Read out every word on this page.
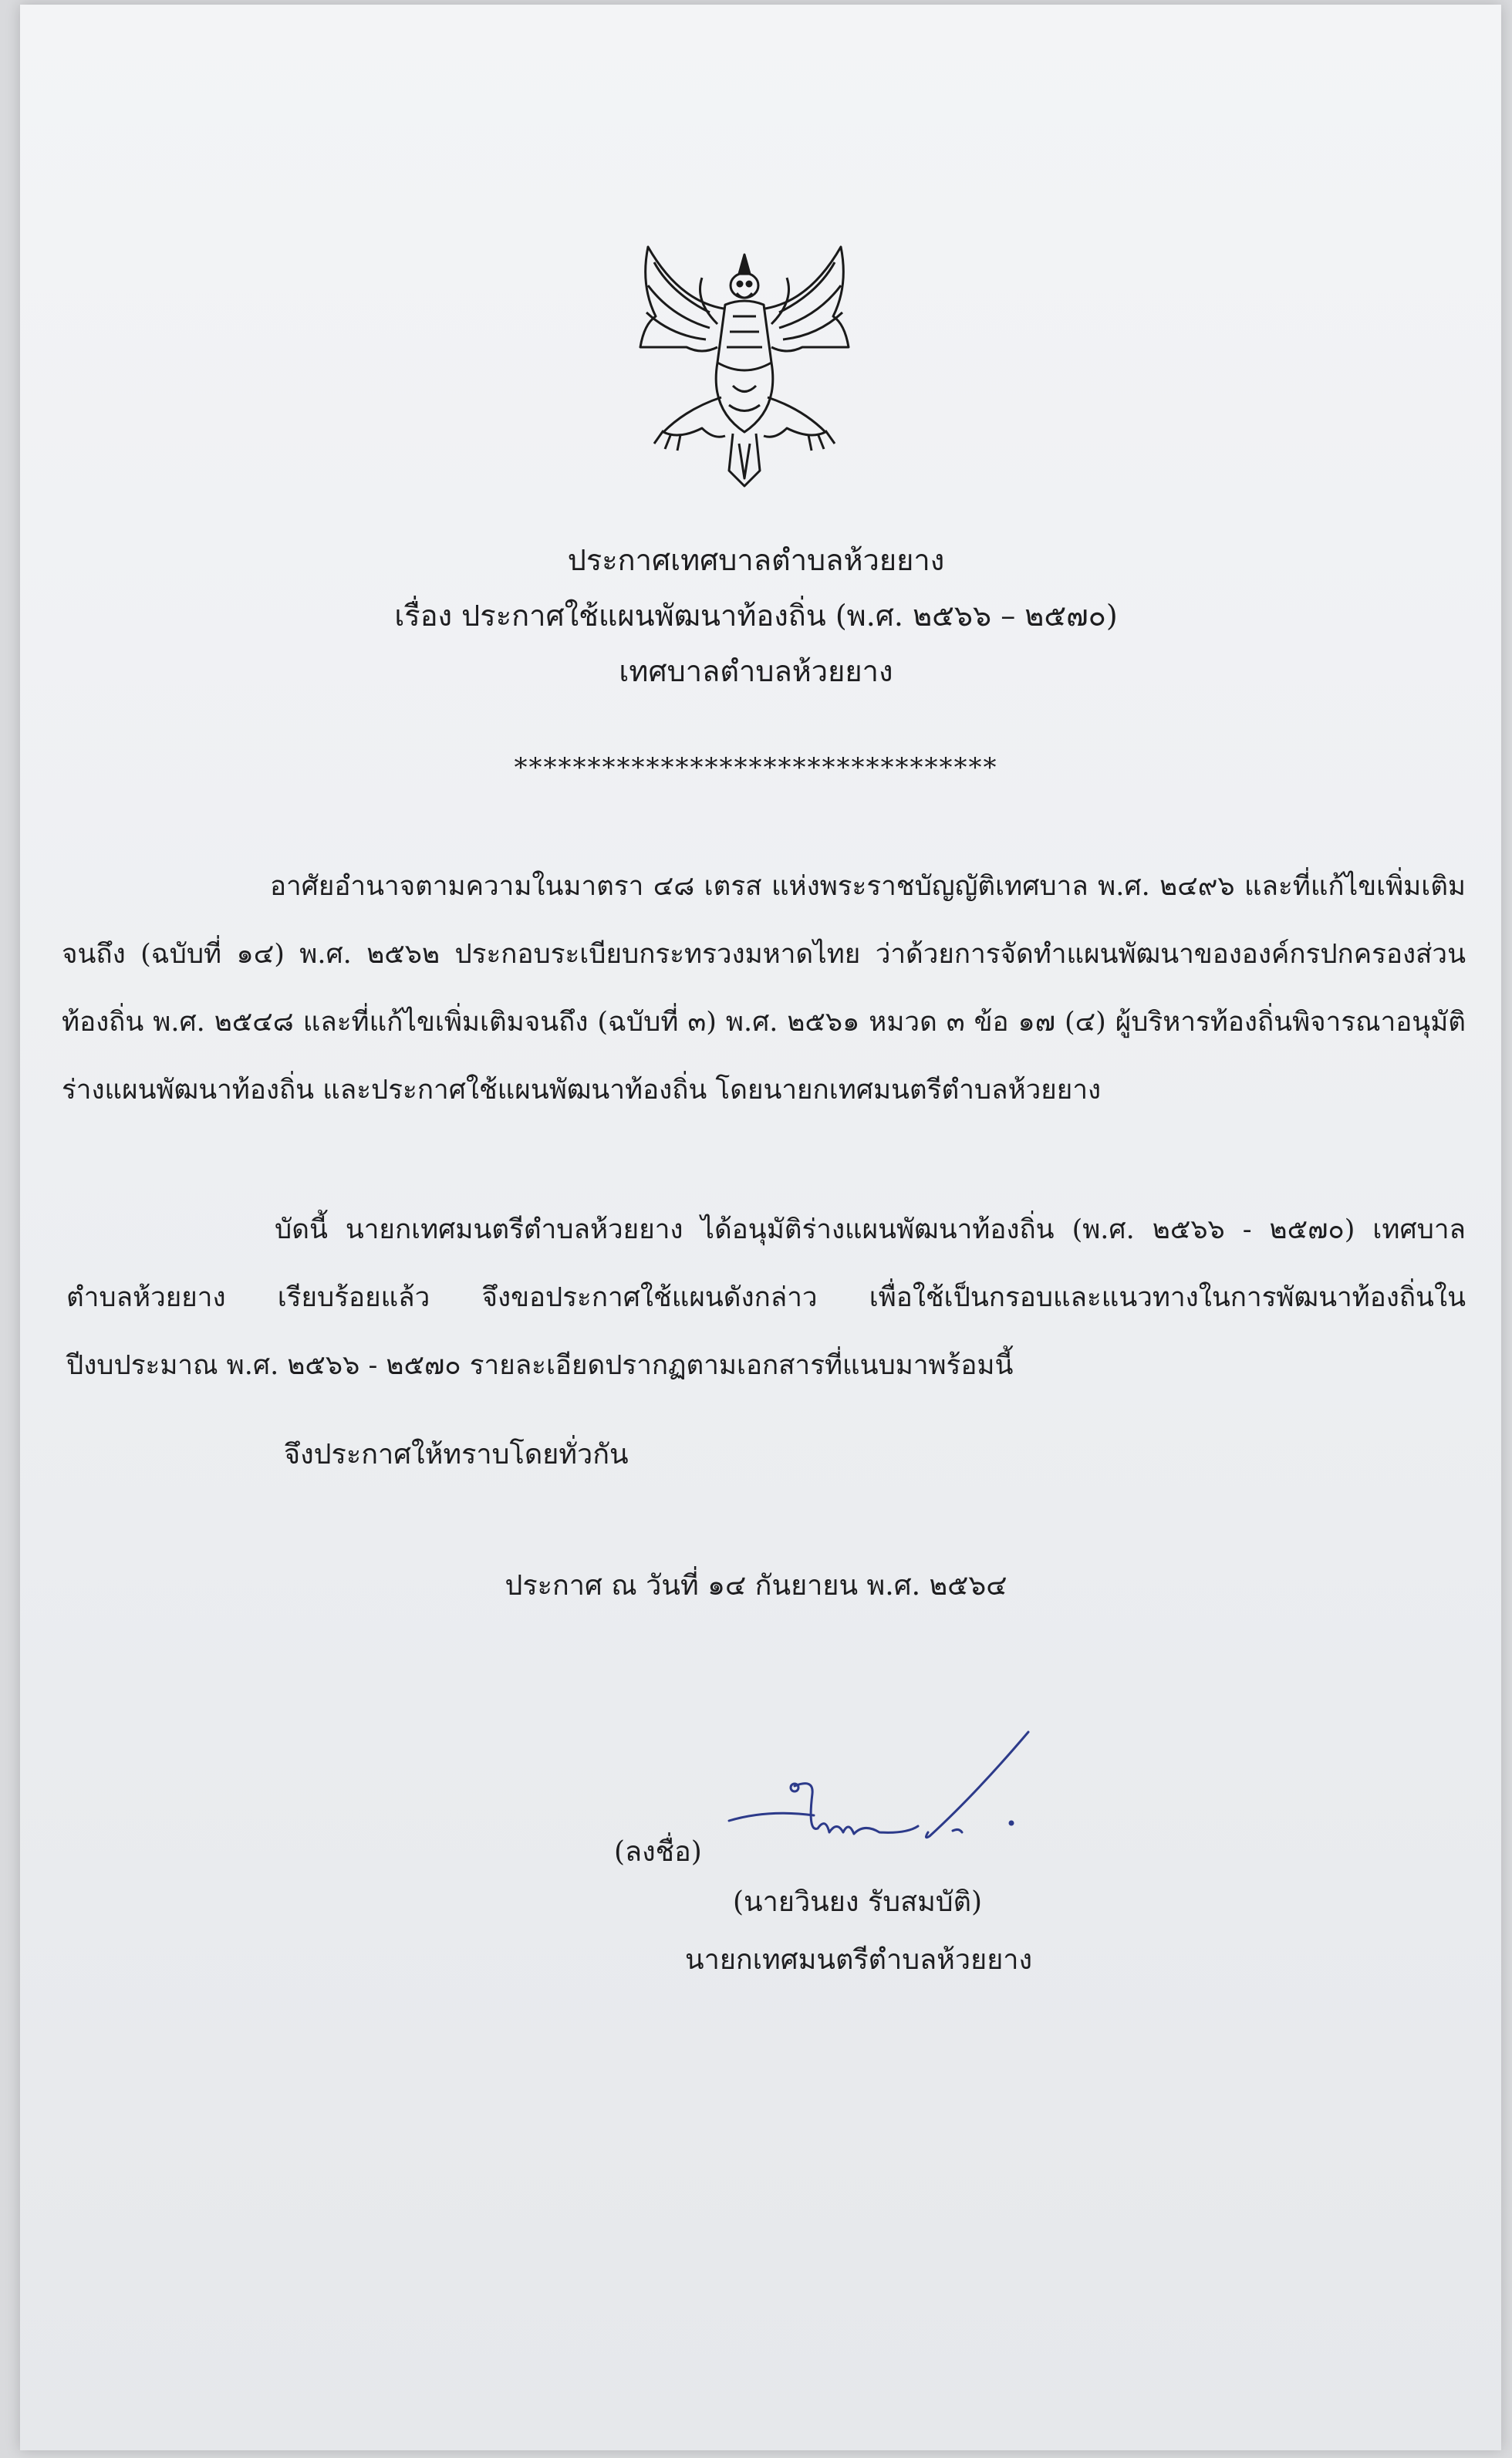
ประกาศเทศบาลตำบลห้วยยาง
เรื่อง ประกาศใช้แผนพัฒนาท้องถิ่น (พ.ศ. ๒๕๖๖ – ๒๕๗๐)
เทศบาลตำบลห้วยยาง
*********************************
อาศัยอำนาจตามความในมาตรา ๔๘ เตรส แห่งพระราชบัญญัติเทศบาล พ.ศ. ๒๔๙๖ และที่แก้ไขเพิ่มเติมจนถึง (ฉบับที่ ๑๔) พ.ศ. ๒๕๖๒ ประกอบระเบียบกระทรวงมหาดไทย ว่าด้วยการจัดทำแผนพัฒนาขององค์กรปกครองส่วนท้องถิ่น พ.ศ. ๒๕๔๘ และที่แก้ไขเพิ่มเติมจนถึง (ฉบับที่ ๓) พ.ศ. ๒๕๖๑ หมวด ๓ ข้อ ๑๗ (๔) ผู้บริหารท้องถิ่นพิจารณาอนุมัติร่างแผนพัฒนาท้องถิ่น และประกาศใช้แผนพัฒนาท้องถิ่น โดยนายกเทศมนตรีตำบลห้วยยาง
บัดนี้ นายกเทศมนตรีตำบลห้วยยาง ได้อนุมัติร่างแผนพัฒนาท้องถิ่น (พ.ศ. ๒๕๖๖ - ๒๕๗๐) เทศบาลตำบลห้วยยาง เรียบร้อยแล้ว จึงขอประกาศใช้แผนดังกล่าว เพื่อใช้เป็นกรอบและแนวทางในการพัฒนาท้องถิ่นในปีงบประมาณ พ.ศ. ๒๕๖๖ - ๒๕๗๐ รายละเอียดปรากฏตามเอกสารที่แนบมาพร้อมนี้
จึงประกาศให้ทราบโดยทั่วกัน
ประกาศ ณ วันที่ ๑๔ กันยายน พ.ศ. ๒๕๖๔
(ลงชื่อ)
(นายวินยง รับสมบัติ)
นายกเทศมนตรีตำบลห้วยยาง
